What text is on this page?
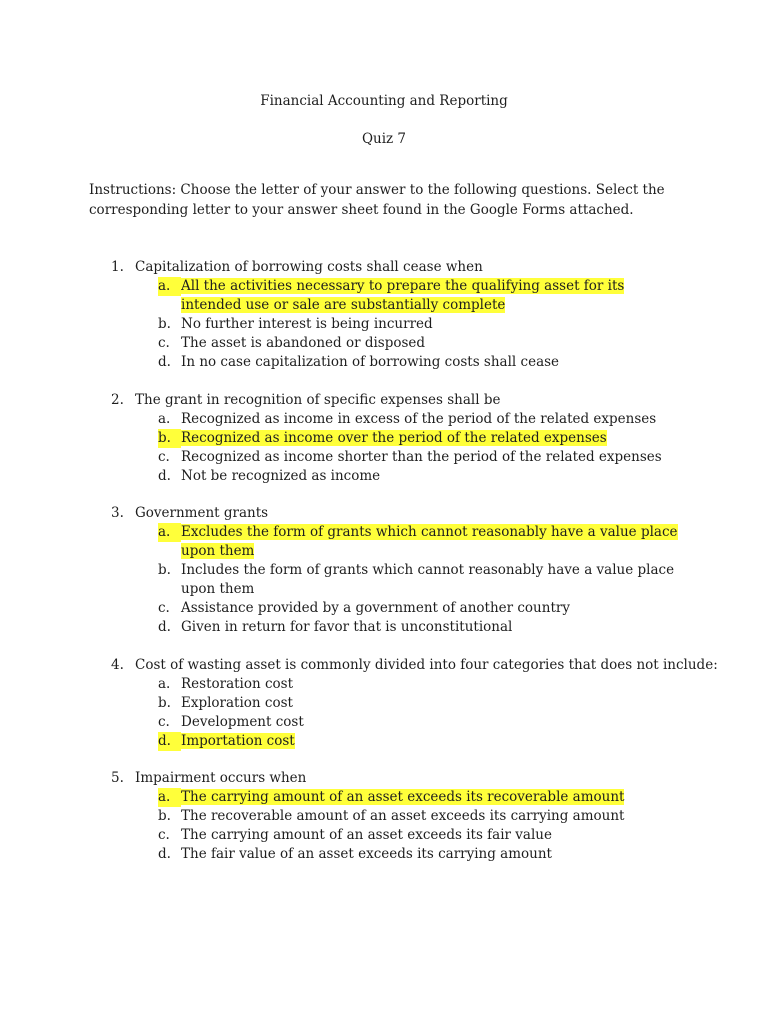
Financial Accounting and Reporting
Quiz 7
Instructions: Choose the letter of your answer to the following questions. Select the corresponding letter to your answer sheet found in the Google Forms attached.
1. Capitalization of borrowing costs shall cease when
a. All the activities necessary to prepare the qualifying asset for its intended use or sale are substantially complete
b. No further interest is being incurred
c. The asset is abandoned or disposed
d. In no case capitalization of borrowing costs shall cease
2. The grant in recognition of specific expenses shall be
a. Recognized as income in excess of the period of the related expenses
b. Recognized as income over the period of the related expenses
c. Recognized as income shorter than the period of the related expenses
d. Not be recognized as income
3. Government grants
a. Excludes the form of grants which cannot reasonably have a value place upon them
b. Includes the form of grants which cannot reasonably have a value place upon them
c. Assistance provided by a government of another country
d. Given in return for favor that is unconstitutional
4. Cost of wasting asset is commonly divided into four categories that does not include:
a. Restoration cost
b. Exploration cost
c. Development cost
d. Importation cost
5. Impairment occurs when
a. The carrying amount of an asset exceeds its recoverable amount
b. The recoverable amount of an asset exceeds its carrying amount
c. The carrying amount of an asset exceeds its fair value
d. The fair value of an asset exceeds its carrying amount
